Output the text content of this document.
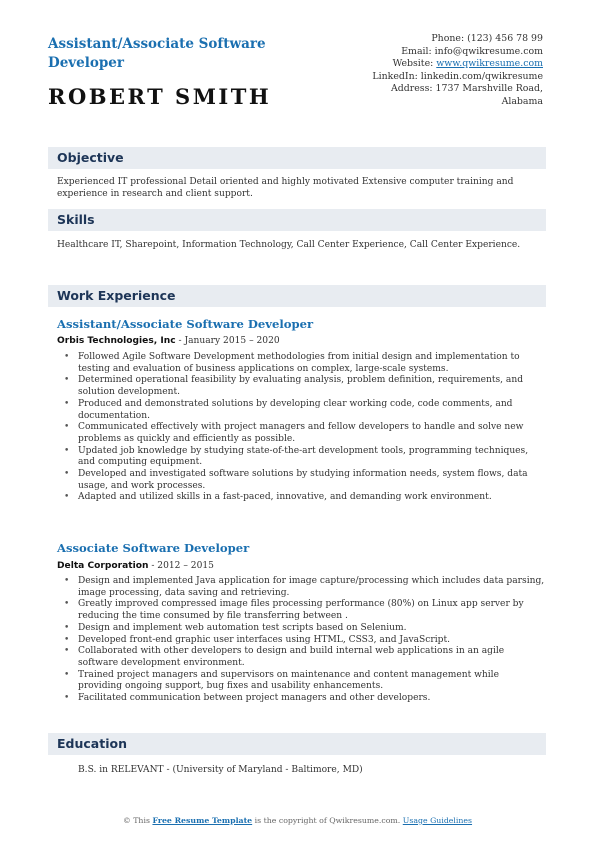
Assistant/Associate Software Developer
ROBERT SMITH
Phone: (123) 456 78 99
Email: info@qwikresume.com
Website: www.qwikresume.com
LinkedIn: linkedin.com/qwikresume
Address: 1737 Marshville Road,
Alabama
Objective
Experienced IT professional Detail oriented and highly motivated Extensive computer training and experience in research and client support.
Skills
Healthcare IT, Sharepoint, Information Technology, Call Center Experience, Call Center Experience.
Work Experience
Assistant/Associate Software Developer
Orbis Technologies, Inc - January 2015 – 2020
• Followed Agile Software Development methodologies from initial design and implementation to testing and evaluation of business applications on complex, large-scale systems.
• Determined operational feasibility by evaluating analysis, problem definition, requirements, and solution development.
• Produced and demonstrated solutions by developing clear working code, code comments, and documentation.
• Communicated effectively with project managers and fellow developers to handle and solve new problems as quickly and efficiently as possible.
• Updated job knowledge by studying state-of-the-art development tools, programming techniques, and computing equipment.
• Developed and investigated software solutions by studying information needs, system flows, data usage, and work processes.
• Adapted and utilized skills in a fast-paced, innovative, and demanding work environment.
Associate Software Developer
Delta Corporation - 2012 – 2015
• Design and implemented Java application for image capture/processing which includes data parsing, image processing, data saving and retrieving.
• Greatly improved compressed image files processing performance (80%) on Linux app server by reducing the time consumed by file transferring between .
• Design and implement web automation test scripts based on Selenium.
• Developed front-end graphic user interfaces using HTML, CSS3, and JavaScript.
• Collaborated with other developers to design and build internal web applications in an agile software development environment.
• Trained project managers and supervisors on maintenance and content management while providing ongoing support, bug fixes and usability enhancements.
• Facilitated communication between project managers and other developers.
Education
B.S. in RELEVANT - (University of Maryland - Baltimore, MD)
© This Free Resume Template is the copyright of Qwikresume.com. Usage Guidelines
